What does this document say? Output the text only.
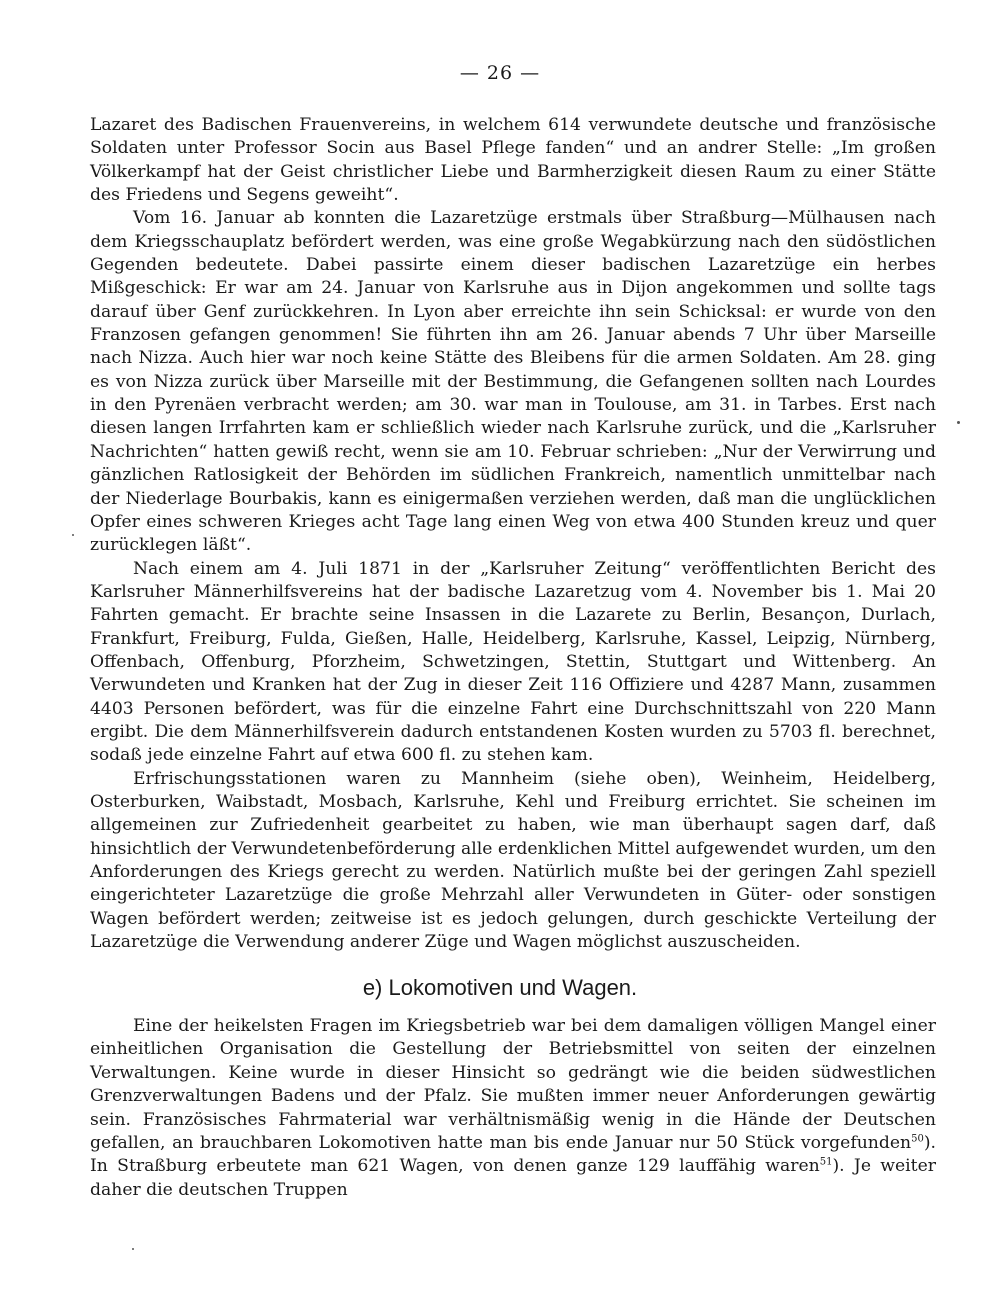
— 26 —

Lazaret des Badischen Frauenvereins, in welchem 614 verwundete deutsche und französische Soldaten unter Professor Socin aus Basel Pflege fanden“ und an andrer Stelle: „Im großen Völkerkampf hat der Geist christlicher Liebe und Barmherzigkeit diesen Raum zu einer Stätte des Friedens und Segens geweiht“.

Vom 16. Januar ab konnten die Lazaretzüge erstmals über Straßburg—Mülhausen nach dem Kriegsschauplatz befördert werden, was eine große Wegabkürzung nach den südöstlichen Gegenden bedeutete. Dabei passirte einem dieser badischen Lazaretzüge ein herbes Mißgeschick: Er war am 24. Januar von Karlsruhe aus in Dijon angekommen und sollte tags darauf über Genf zurückkehren. In Lyon aber erreichte ihn sein Schicksal: er wurde von den Franzosen gefangen genommen! Sie führten ihn am 26. Januar abends 7 Uhr über Marseille nach Nizza. Auch hier war noch keine Stätte des Bleibens für die armen Soldaten. Am 28. ging es von Nizza zurück über Marseille mit der Bestimmung, die Gefangenen sollten nach Lourdes in den Pyrenäen verbracht werden; am 30. war man in Toulouse, am 31. in Tarbes. Erst nach diesen langen Irrfahrten kam er schließlich wieder nach Karlsruhe zurück, und die „Karlsruher Nachrichten“ hatten gewiß recht, wenn sie am 10. Februar schrieben: „Nur der Verwirrung und gänzlichen Ratlosigkeit der Behörden im südlichen Frankreich, namentlich unmittelbar nach der Niederlage Bourbakis, kann es einigermaßen verziehen werden, daß man die unglücklichen Opfer eines schweren Krieges acht Tage lang einen Weg von etwa 400 Stunden kreuz und quer zurücklegen läßt“.

Nach einem am 4. Juli 1871 in der „Karlsruher Zeitung“ veröffentlichten Bericht des Karlsruher Männerhilfsvereins hat der badische Lazaretzug vom 4. November bis 1. Mai 20 Fahrten gemacht. Er brachte seine Insassen in die Lazarete zu Berlin, Besançon, Durlach, Frankfurt, Freiburg, Fulda, Gießen, Halle, Heidelberg, Karlsruhe, Kassel, Leipzig, Nürnberg, Offenbach, Offenburg, Pforzheim, Schwetzingen, Stettin, Stuttgart und Wittenberg. An Verwundeten und Kranken hat der Zug in dieser Zeit 116 Offiziere und 4287 Mann, zusammen 4403 Personen befördert, was für die einzelne Fahrt eine Durchschnittszahl von 220 Mann ergibt. Die dem Männerhilfsverein dadurch entstandenen Kosten wurden zu 5703 fl. berechnet, sodaß jede einzelne Fahrt auf etwa 600 fl. zu stehen kam.

Erfrischungsstationen waren zu Mannheim (siehe oben), Weinheim, Heidelberg, Osterburken, Waibstadt, Mosbach, Karlsruhe, Kehl und Freiburg errichtet. Sie scheinen im allgemeinen zur Zufriedenheit gearbeitet zu haben, wie man überhaupt sagen darf, daß hinsichtlich der Verwundetenbeförderung alle erdenklichen Mittel aufgewendet wurden, um den Anforderungen des Kriegs gerecht zu werden. Natürlich mußte bei der geringen Zahl speziell eingerichteter Lazaretzüge die große Mehrzahl aller Verwundeten in Güter- oder sonstigen Wagen befördert werden; zeitweise ist es jedoch gelungen, durch geschickte Verteilung der Lazaretzüge die Verwendung anderer Züge und Wagen möglichst auszuscheiden.

e) Lokomotiven und Wagen.

Eine der heikelsten Fragen im Kriegsbetrieb war bei dem damaligen völligen Mangel einer einheitlichen Organisation die Gestellung der Betriebsmittel von seiten der einzelnen Verwaltungen. Keine wurde in dieser Hinsicht so gedrängt wie die beiden südwestlichen Grenzverwaltungen Badens und der Pfalz. Sie mußten immer neuer Anforderungen gewärtig sein. Französisches Fahrmaterial war verhältnismäßig wenig in die Hände der Deutschen gefallen, an brauchbaren Lokomotiven hatte man bis ende Januar nur 50 Stück vorgefunden$^{50}$). In Straßburg erbeutete man 621 Wagen, von denen ganze 129 lauffähig waren$^{51}$). Je weiter daher die deutschen Truppen
